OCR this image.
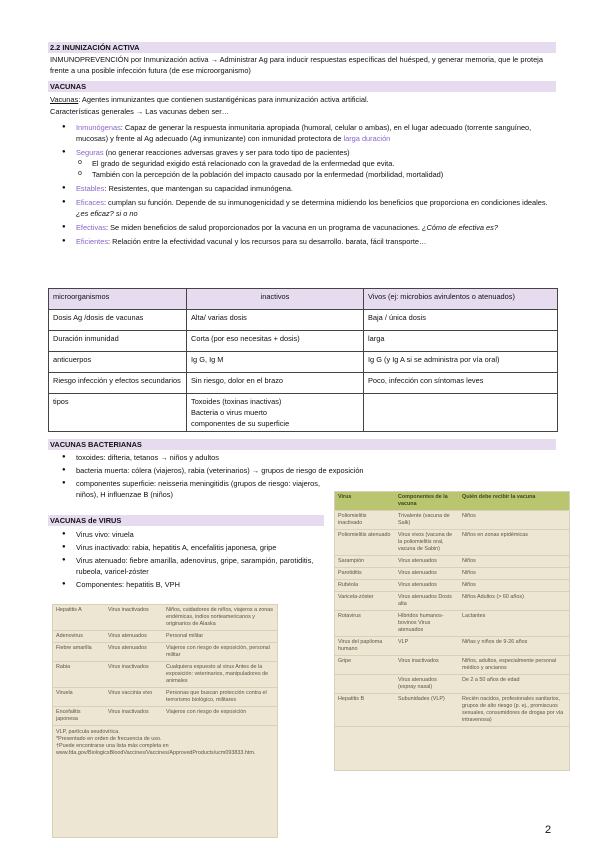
2.2 INUNIZACIÓN ACTIVA
INMUNOPREVENCIÓN por Inmunización activa → Administrar Ag para inducir respuestas específicas del huésped, y generar memoria, que le proteja frente a una posible infección futura (de ese microorganismo)
VACUNAS
Vacunas: Agentes inmunizantes que contienen sustantigénicas para inmunización activa artificial.
Características generales → Las vacunas deben ser…
● Inmunógenas: Capaz de generar la respuesta inmunitaria apropiada (humoral, celular o ambas), en el lugar adecuado (torrente sanguíneo, mucosas) y frente al Ag adecuado (Ag inmunizante) con inmunidad protectora de larga duración
● Seguras (no generar reacciones adversas graves y ser para todo tipo de pacientes)
o El grado de seguridad exigido está relacionado con la gravedad de la enfermedad que evita.
o También con la percepción de la población del impacto causado por la enfermedad (morbilidad, mortalidad)
● Estables: Resistentes, que mantengan su capacidad inmunógena.
● Eficaces: cumplan su función. Depende de su inmunogenicidad y se determina midiendo los beneficios que proporciona en condiciones ideales. ¿es eficaz? si o no
● Efectivas: Se miden beneficios de salud proporcionados por la vacuna en un programa de vacunaciones. ¿Cómo de efectiva es?
● Eficientes: Relación entre la efectividad vacunal y los recursos para su desarrollo. barata, fácil transporte…
microorganismos	inactivos	Vivos (ej: microbios avirulentos o atenuados)
Dosis Ag /dosis de vacunas	Alta/ varias dosis	Baja / única dosis
Duración inmunidad	Corta (por eso necesitas + dosis)	larga
anticuerpos	Ig G, Ig M	Ig G (y Ig A si se administra por vía oral)
Riesgo infección y efectos secundarios	Sin riesgo, dolor en el brazo	Poco, infección con síntomas leves
tipos	Toxoides (toxinas inactivas)
Bacteria o virus muerto
componentes de su superficie	
VACUNAS BACTERIANAS
● toxoides: difteria, tetanos → niños y adultos
● bacteria muerta: cólera (viajeros), rabia (veterinarios) → grupos de riesgo de exposición
● componentes superficie: neisseria meningitidis (grupos de riesgo: viajeros, niños), H influenzae B (niños)
VACUNAS de VIRUS
● Virus vivo: viruela
● Virus inactivado: rabia, hepatitis A, encefalitis japonesa, gripe
● Virus atenuado: fiebre amarilla, adenovirus, gripe, sarampión, parotiditis, rubeola, varicel-zóster
● Componentes: hepatitis B, VPH
Hepatitis A	Virus inactivados	Niños, cuidadores de niños, viajeros a zonas endémicas, indios norteamericanos y originarios de Alaska
Adenovirus	Virus atenuados	Personal militar
Fiebre amarilla	Virus atenuados	Viajeros con riesgo de exposición, personal militar
Rabia	Virus inactivados	Cualquiera expuesto al virus Antes de la exposición: veterinarios, manipuladores de animales
Viruela	Virus vaccinia vivo	Personas que buscan protección contra el terrorismo biológico, militares
Encefalitis japonesa	Virus inactivados	Viajeros con riesgo de exposición
VLP, partícula seudovírica.
*Presentado en orden de frecuencia de uso.
†Puede encontrarse una lista más completa en www.fda.gov/BiologicsBloodVaccines/Vaccines/ApprovedProducts/ucm093833.htm.
Virus	Componentes de la vacuna	Quién debe recibir la vacuna
Poliomielitis inactivado	Trivalente (vacuna de Salk)	Niños
Poliomielitis atenuado	Virus vivos (vacuna de la poliomielitis oral, vacuna de Sabin)	Niños en zonas epidémicas
Sarampión	Virus atenuados	Niños
Parotiditis	Virus atenuados	Niños
Rubéola	Virus atenuados	Niños
Varicela-zóster	Virus atenuados Dosis alta	Niños Adultos (> 60 años)
Rotavirus	Híbridos humanos-bovinos Virus atenuados	Lactantes
Virus del papiloma humano	VLP	Niñas y niños de 9-26 años
Gripe	Virus inactivados	Niños, adultos, especialmente personal médico y ancianos
	Virus atenuados (espray nasal)	De 2 a 50 años de edad
Hepatitis B	Subunidades (VLP)	Recién nacidos, profesionales sanitarios, grupos de alto riesgo (p. ej., promiscuos sexuales, consumidores de drogas por vía intravenosa)
2
